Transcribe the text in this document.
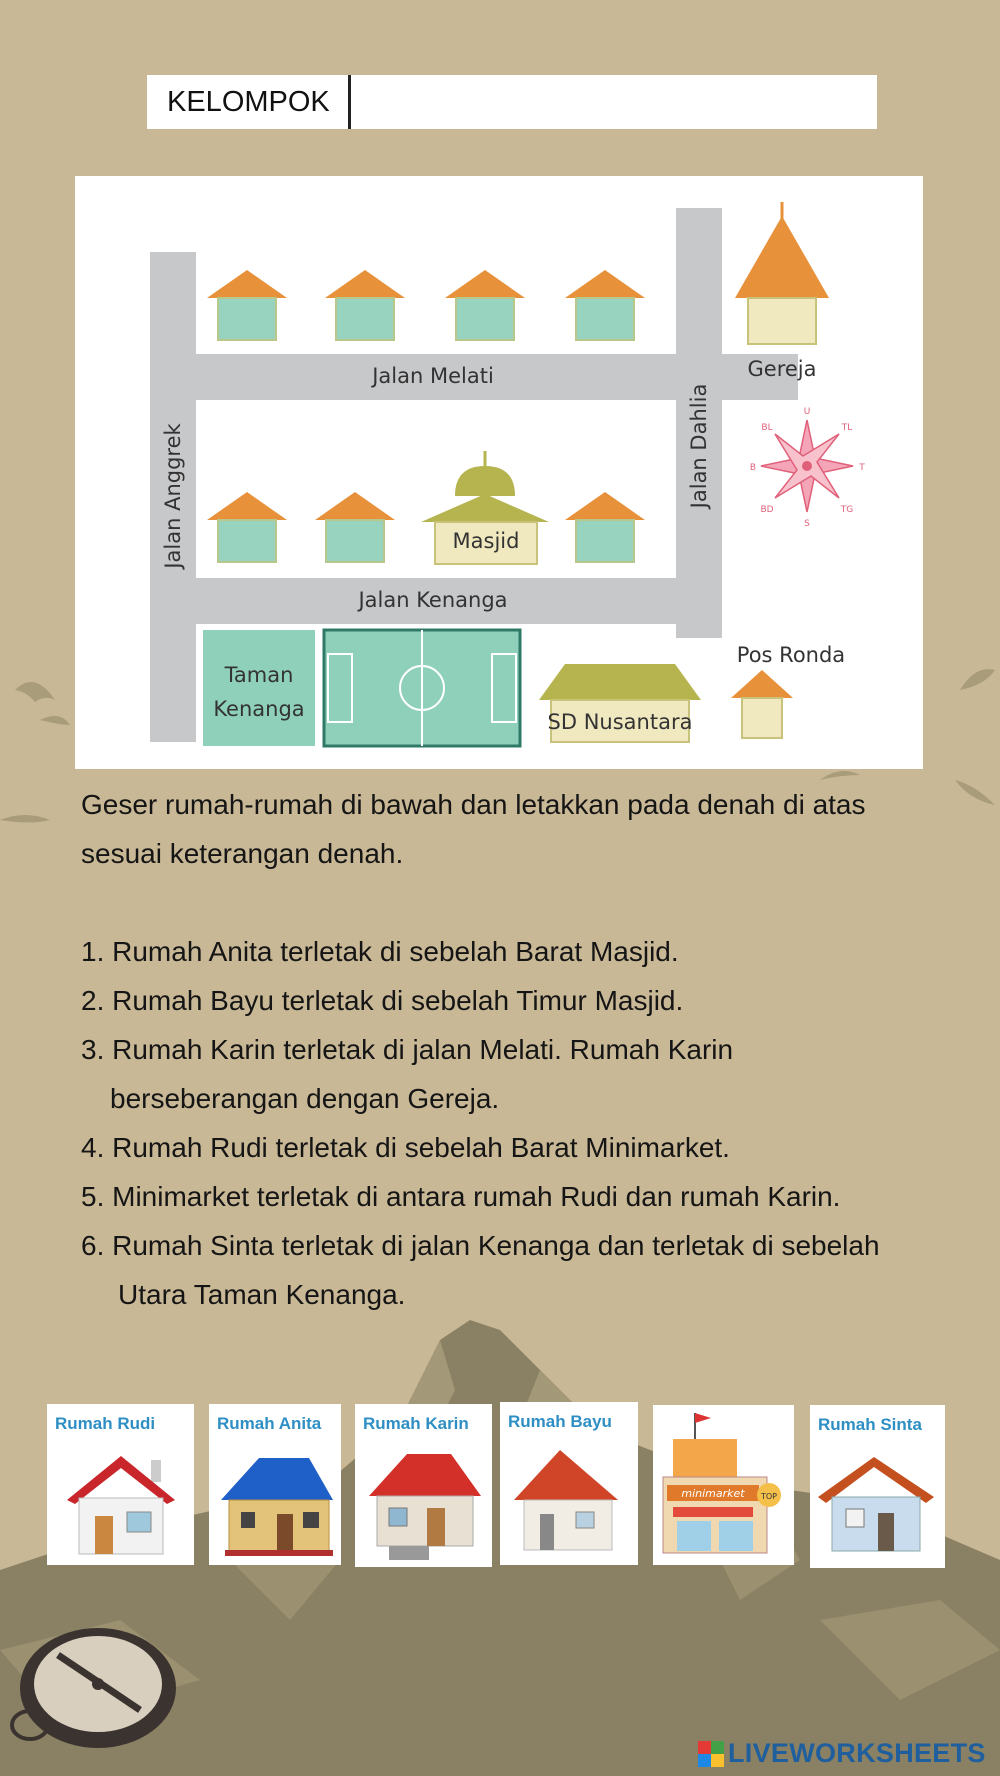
KELOMPOK
U
TL
T
TG
S
BD
B
BL
Jalan Melati
Jalan Kenanga
Jalan Anggrek	Jalan Dahlia
Gereja
Masjid
Pos Ronda
Taman
Kenanga
SD Nusantara

Geser rumah-rumah di bawah dan letakkan pada denah di atas

sesuai keterangan denah.

1. Rumah Anita terletak di sebelah Barat Masjid.

2. Rumah Bayu terletak di sebelah Timur Masjid.

3. Rumah Karin terletak di jalan Melati. Rumah Karin

berseberangan dengan Gereja.

4. Rumah Rudi terletak di sebelah Barat Minimarket.

5. Minimarket terletak di antara rumah Rudi dan rumah Karin.

6. Rumah Sinta terletak di jalan Kenanga dan terletak di sebelah

Utara Taman Kenanga.

Rumah Rudi	Rumah Anita Rumah Karin Rumah Bayu
minimarket TOP
Rumah Sinta
LIVEWORKSHEETS
